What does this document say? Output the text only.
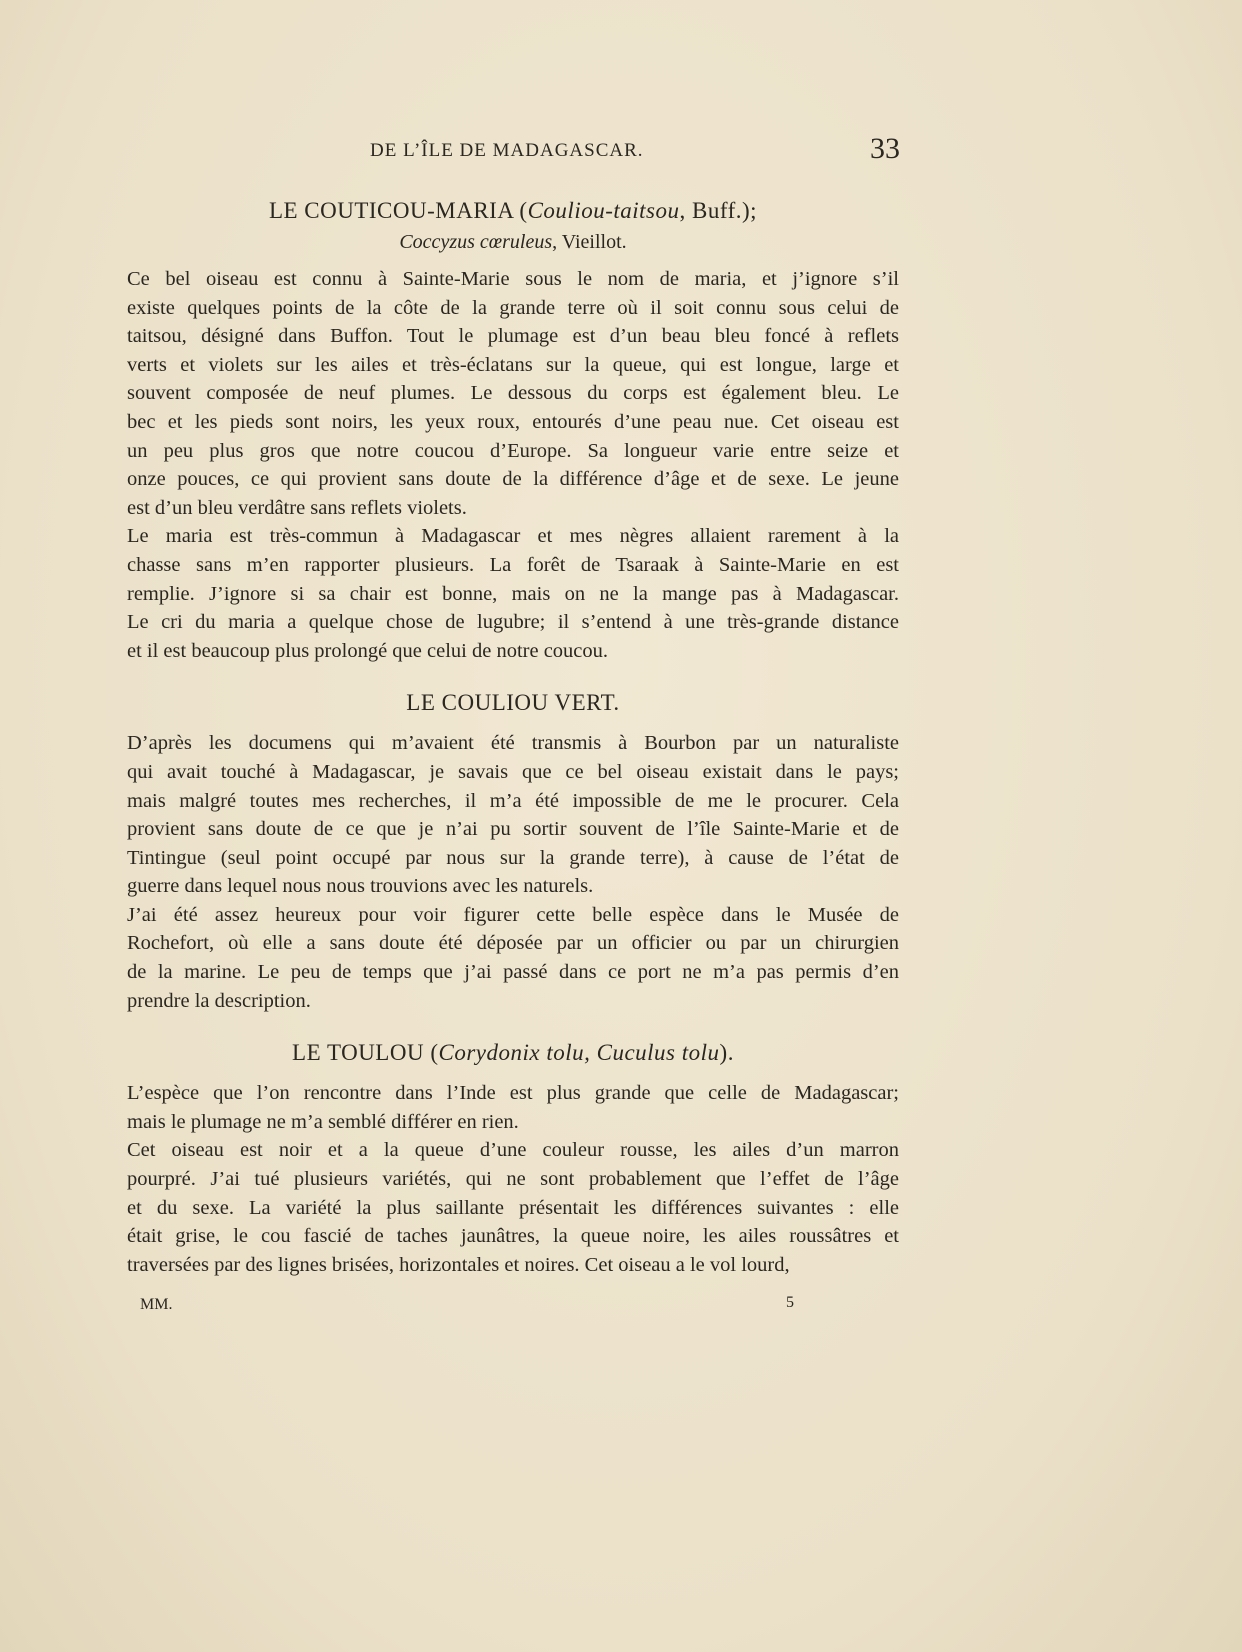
DE L’ÎLE DE MADAGASCAR.	33
LE COUTICOU-MARIA (Couliou-taitsou, Buff.);
Coccyzus cœruleus, Vieillot.

Ce bel oiseau est connu à Sainte-Marie sous le nom de maria, et j’ignore s’il
existe quelques points de la côte de la grande terre où il soit connu sous celui de
taitsou, désigné dans Buffon. Tout le plumage est d’un beau bleu foncé à reflets
verts et violets sur les ailes et très-éclatans sur la queue, qui est longue, large et
souvent composée de neuf plumes. Le dessous du corps est également bleu. Le
bec et les pieds sont noirs, les yeux roux, entourés d’une peau nue. Cet oiseau est
un peu plus gros que notre coucou d’Europe. Sa longueur varie entre seize et
onze pouces, ce qui provient sans doute de la différence d’âge et de sexe. Le jeune
est d’un bleu verdâtre sans reflets violets.

Le maria est très-commun à Madagascar et mes nègres allaient rarement à la
chasse sans m’en rapporter plusieurs. La forêt de Tsaraak à Sainte-Marie en est
remplie. J’ignore si sa chair est bonne, mais on ne la mange pas à Madagascar.
Le cri du maria a quelque chose de lugubre; il s’entend à une très-grande distance
et il est beaucoup plus prolongé que celui de notre coucou.

LE COULIOU VERT.

D’après les documens qui m’avaient été transmis à Bourbon par un naturaliste
qui avait touché à Madagascar, je savais que ce bel oiseau existait dans le pays;
mais malgré toutes mes recherches, il m’a été impossible de me le procurer. Cela
provient sans doute de ce que je n’ai pu sortir souvent de l’île Sainte-Marie et de
Tintingue (seul point occupé par nous sur la grande terre), à cause de l’état de
guerre dans lequel nous nous trouvions avec les naturels.

J’ai été assez heureux pour voir figurer cette belle espèce dans le Musée de
Rochefort, où elle a sans doute été déposée par un officier ou par un chirurgien
de la marine. Le peu de temps que j’ai passé dans ce port ne m’a pas permis d’en
prendre la description.

LE TOULOU (Corydonix tolu, Cuculus tolu).

L’espèce que l’on rencontre dans l’Inde est plus grande que celle de Madagascar;
mais le plumage ne m’a semblé différer en rien.

Cet oiseau est noir et a la queue d’une couleur rousse, les ailes d’un marron
pourpré. J’ai tué plusieurs variétés, qui ne sont probablement que l’effet de l’âge
et du sexe. La variété la plus saillante présentait les différences suivantes : elle
était grise, le cou fascié de taches jaunâtres, la queue noire, les ailes roussâtres et
traversées par des lignes brisées, horizontales et noires. Cet oiseau a le vol lourd,

MM.	5
